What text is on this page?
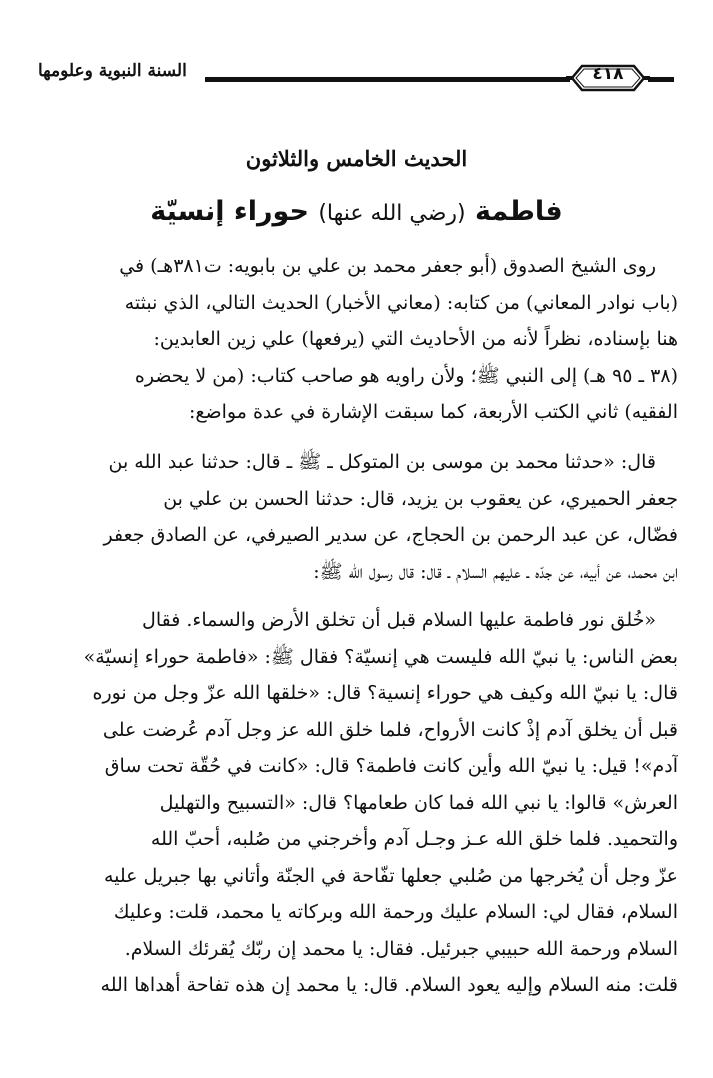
السنة النبوية وعلومها	٤١٨
الحديث الخامس والثلاثون
فاطمة (رضي الله عنها) حوراء إنسيّة
روى الشيخ الصدوق (أبو جعفر محمد بن علي بن بابويه: ت٣٨١هـ) في
(باب نوادر المعاني) من كتابه: (معاني الأخبار) الحديث التالي، الذي نبثته
هنا بإسناده، نظراً لأنه من الأحاديث التي (يرفعها) علي زين العابدين:
(٣٨ ـ ٩٥ هـ) إلى النبي ﷺ؛ ولأن راويه هو صاحب كتاب: (من لا يحضره
الفقيه) ثاني الكتب الأربعة، كما سبقت الإشارة في عدة مواضع:
قال: «حدثنا محمد بن موسى بن المتوكل ـ ﷺ ـ قال: حدثنا عبد الله بن
جعفر الحميري، عن يعقوب بن يزيد، قال: حدثنا الحسن بن علي بن
فضّال، عن عبد الرحمن بن الحجاج، عن سدير الصيرفي، عن الصادق جعفر
ابن محمد، عن أبيه، عن جدّه ـ عليهم السلام ـ قال: قال رسول الله ﷺ:
«خُلق نور فاطمة عليها السلام قبل أن تخلق الأرض والسماء. فقال
بعض الناس: يا نبيّ الله فليست هي إنسيّة؟ فقال ﷺ: «فاطمة حوراء إنسيّة»
قال: يا نبيّ الله وكيف هي حوراء إنسية؟ قال: «خلقها الله عزّ وجل من نوره
قبل أن يخلق آدم إذْ كانت الأرواح، فلما خلق الله عز وجل آدم عُرضت على
آدم»! قيل: يا نبيّ الله وأين كانت فاطمة؟ قال: «كانت في حُقّة تحت ساق
العرش» قالوا: يا نبي الله فما كان طعامها؟ قال: «التسبيح والتهليل
والتحميد. فلما خلق الله عـز وجـل آدم وأخرجني من صُلبه، أحبّ الله
عزّ وجل أن يُخرجها من صُلبي جعلها تفّاحة في الجنّة وأتاني بها جبريل عليه
السلام، فقال لي: السلام عليك ورحمة الله وبركاته يا محمد، قلت: وعليك
السلام ورحمة الله حبيبي جبرئيل. فقال: يا محمد إن ربّك يُقرئك السلام.
قلت: منه السلام وإليه يعود السلام. قال: يا محمد إن هذه تفاحة أهداها الله
